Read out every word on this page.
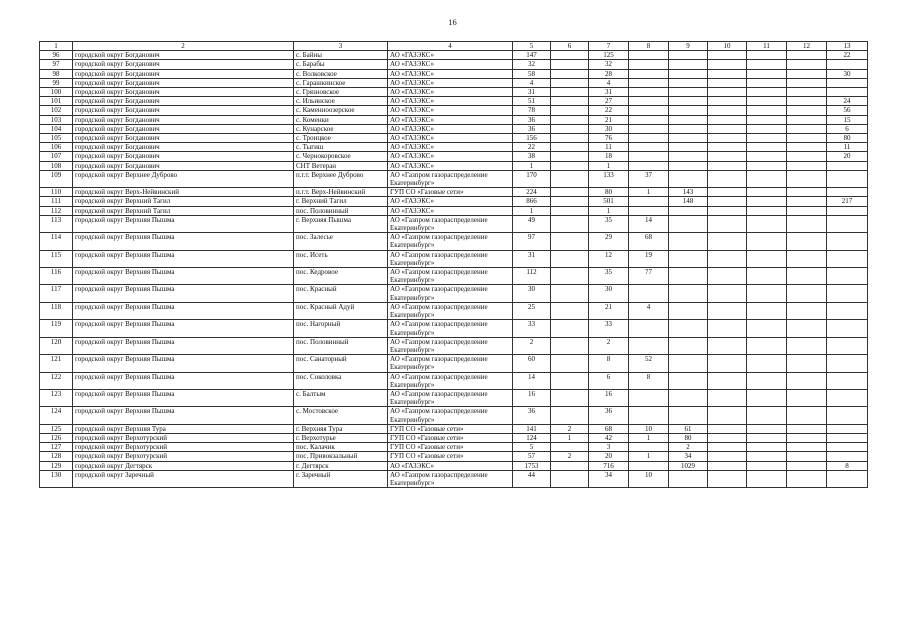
16
1	2	3	4	5	6	7	8	9	10	11	12	13
96	городской округ Богданович	с. Байны	АО «ГАЗЭКС»	147		125						22
97	городской округ Богданович	с. Барабы	АО «ГАЗЭКС»	32		32						
98	городской округ Богданович	с. Волковское	АО «ГАЗЭКС»	58		28						30
99	городской округ Богданович	с. Гарашкинское	АО «ГАЗЭКС»	4		4						
100	городской округ Богданович	с. Грязновское	АО «ГАЗЭКС»	31		31						
101	городской округ Богданович	с. Ильинское	АО «ГАЗЭКС»	51		27						24
102	городской округ Богданович	с. Каменноозерское	АО «ГАЗЭКС»	78		22						56
103	городской округ Богданович	с. Коменки	АО «ГАЗЭКС»	36		21						15
104	городской округ Богданович	с. Кунарское	АО «ГАЗЭКС»	36		30						6
105	городской округ Богданович	с. Троицкое	АО «ГАЗЭКС»	156		76						80
106	городской округ Богданович	с. Тыгиш	АО «ГАЗЭКС»	22		11						11
107	городской округ Богданович	с. Чернокоровское	АО «ГАЗЭКС»	38		18						20
108	городской округ Богданович	СНТ Ветеран	АО «ГАЗЭКС»	1		1						
109	городской округ Верхнее Дуброво	п.г.т. Верхнее Дуброво	АО «Газпром газораспределение Екатеринбург»	170		133	37					
110	городской округ Верх-Нейвинский	п.г.т. Верх-Нейвинский	ГУП СО «Газовые сети»	224		80	1	143				
111	городской округ Верхний Тагил	г. Верхний Тагил	АО «ГАЗЭКС»	866		501		148				217
112	городской округ Верхний Тагил	пос. Половинный	АО «ГАЗЭКС»	1		1						
113	городской округ Верхняя Пышма	г. Верхняя Пышма	АО «Газпром газораспределение Екатеринбург»	49		35	14					
114	городской округ Верхняя Пышма	пос. Залесье	АО «Газпром газораспределение Екатеринбург»	97		29	68					
115	городской округ Верхняя Пышма	пос. Исеть	АО «Газпром газораспределение Екатеринбург»	31		12	19					
116	городской округ Верхняя Пышма	пос. Кедровое	АО «Газпром газораспределение Екатеринбург»	112		35	77					
117	городской округ Верхняя Пышма	пос. Красный	АО «Газпром газораспределение Екатеринбург»	30		30						
118	городской округ Верхняя Пышма	пос. Красный Адуй	АО «Газпром газораспределение Екатеринбург»	25		21	4					
119	городской округ Верхняя Пышма	пос. Нагорный	АО «Газпром газораспределение Екатеринбург»	33		33						
120	городской округ Верхняя Пышма	пос. Половинный	АО «Газпром газораспределение Екатеринбург»	2		2						
121	городской округ Верхняя Пышма	пос. Санаторный	АО «Газпром газораспределение Екатеринбург»	60		8	52					
122	городской округ Верхняя Пышма	пос. Соколовка	АО «Газпром газораспределение Екатеринбург»	14		6	8					
123	городской округ Верхняя Пышма	с. Балтым	АО «Газпром газораспределение Екатеринбург»	16		16						
124	городской округ Верхняя Пышма	с. Мостовское	АО «Газпром газораспределение Екатеринбург»	36		36						
125	городской округ Верхняя Тура	г. Верхняя Тура	ГУП СО «Газовые сети»	141	2	68	10	61				
126	городской округ Верхотурский	г. Верхотурье	ГУП СО «Газовые сети»	124	1	42	1	80				
127	городской округ Верхотурский	пос. Калачик	ГУП СО «Газовые сети»	5		3		2				
128	городской округ Верхотурский	пос. Привокзальный	ГУП СО «Газовые сети»	57	2	20	1	34				
129	городской округ Дегтярск	г. Дегтярск	АО «ГАЗЭКС»	1753		716		1029				8
130	городской округ Заречный	г. Заречный	АО «Газпром газораспределение Екатеринбург»	44		34	10					
